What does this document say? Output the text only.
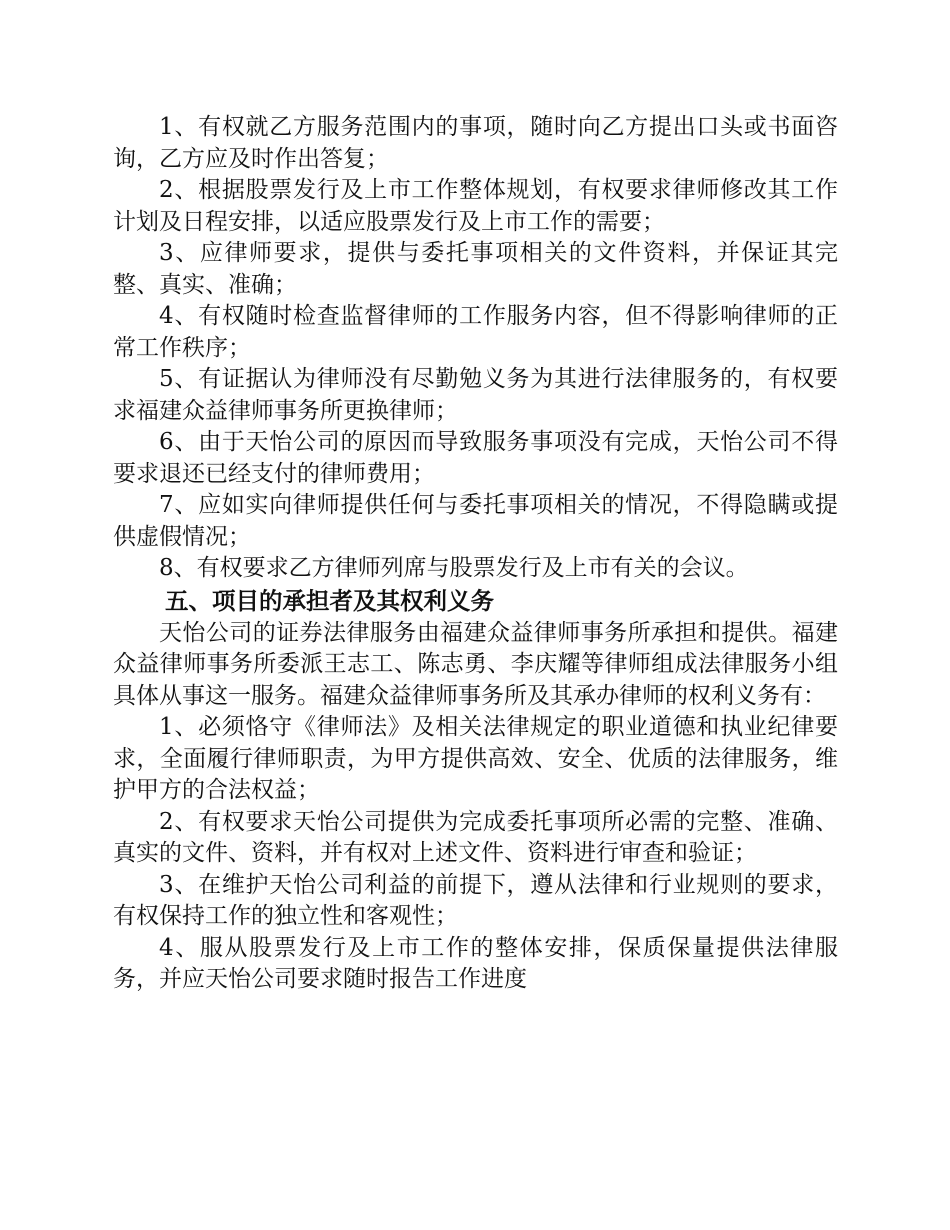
1、有权就乙方服务范围内的事项，随时向乙方提出口头或书面咨询，乙方应及时作出答复；

2、根据股票发行及上市工作整体规划，有权要求律师修改其工作计划及日程安排，以适应股票发行及上市工作的需要；

3、应律师要求，提供与委托事项相关的文件资料，并保证其完整、真实、准确；

4、有权随时检查监督律师的工作服务内容，但不得影响律师的正常工作秩序；

5、有证据认为律师没有尽勤勉义务为其进行法律服务的，有权要求福建众益律师事务所更换律师；

6、由于天怡公司的原因而导致服务事项没有完成，天怡公司不得要求退还已经支付的律师费用；

7、应如实向律师提供任何与委托事项相关的情况，不得隐瞒或提供虚假情况；

8、有权要求乙方律师列席与股票发行及上市有关的会议。

五、项目的承担者及其权利义务

天怡公司的证券法律服务由福建众益律师事务所承担和提供。福建众益律师事务所委派王志工、陈志勇、李庆耀等律师组成法律服务小组具体从事这一服务。福建众益律师事务所及其承办律师的权利义务有：

1、必须恪守《律师法》及相关法律规定的职业道德和执业纪律要求，全面履行律师职责，为甲方提供高效、安全、优质的法律服务，维护甲方的合法权益；

2、有权要求天怡公司提供为完成委托事项所必需的完整、准确、真实的文件、资料，并有权对上述文件、资料进行审查和验证；

3、在维护天怡公司利益的前提下，遵从法律和行业规则的要求，有权保持工作的独立性和客观性；

4、服从股票发行及上市工作的整体安排，保质保量提供法律服务，并应天怡公司要求随时报告工作进度
